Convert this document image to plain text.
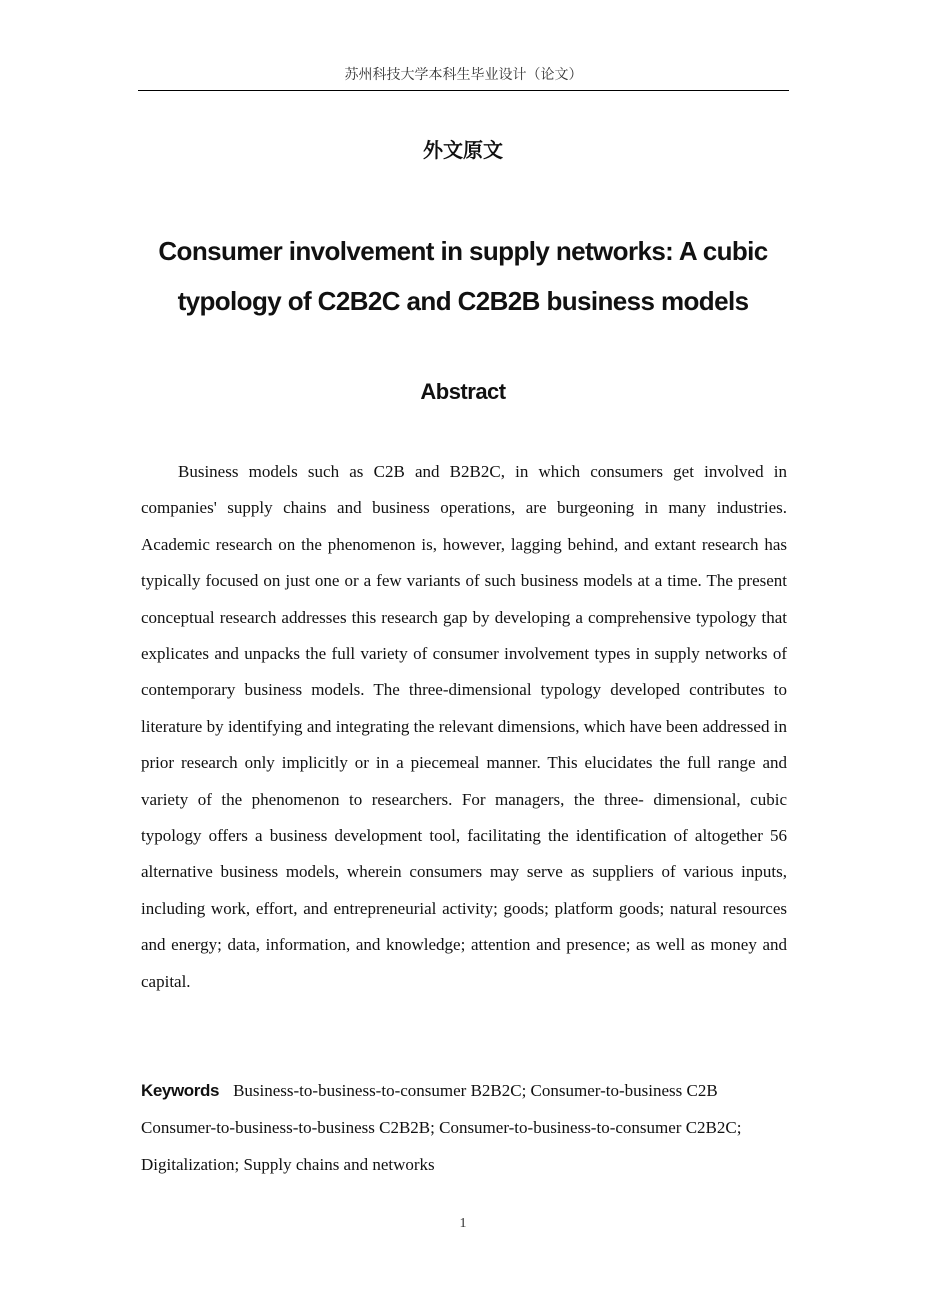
苏州科技大学本科生毕业设计（论文）
外文原文
Consumer involvement in supply networks: A cubic
typology of C2B2C and C2B2B business models
Abstract

Business models such as C2B and B2B2C, in which consumers get involved in companies' supply chains and business operations, are burgeoning in many industries. Academic research on the phenomenon is, however, lagging behind, and extant research has typically focused on just one or a few variants of such business models at a time. The present conceptual research addresses this research gap by developing a comprehensive typology that explicates and unpacks the full variety of consumer involvement types in supply networks of contemporary business models. The three-dimensional typology developed contributes to literature by identifying and integrating the relevant dimensions, which have been addressed in prior research only implicitly or in a piecemeal manner. This elucidates the full range and variety of the phenomenon to researchers. For managers, the three- dimensional, cubic typology offers a business development tool, facilitating the identification of altogether 56 alternative business models, wherein consumers may serve as suppliers of various inputs, including work, effort, and entrepreneurial activity; goods; platform goods; natural resources and energy; data, information, and knowledge; attention and presence; as well as money and capital.

Keywords Business-to-business-to-consumer B2B2C; Consumer-to-business C2B Consumer-to-business-to-business C2B2B; Consumer-to-business-to-consumer C2B2C; Digitalization; Supply chains and networks

1
